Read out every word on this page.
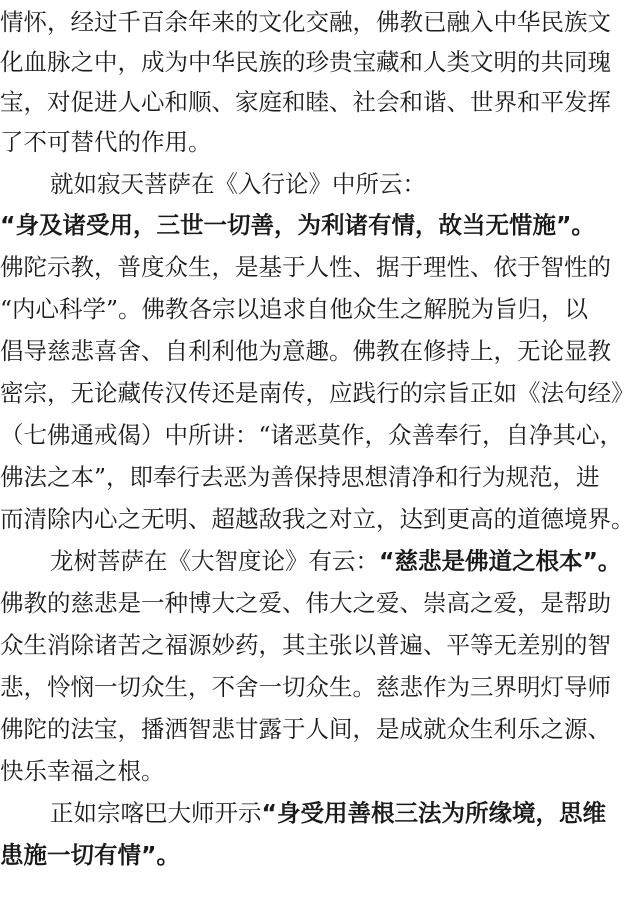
情怀，经过千百余年来的文化交融，佛教已融入中华民族文
化血脉之中，成为中华民族的珍贵宝藏和人类文明的共同瑰
宝，对促进人心和顺、家庭和睦、社会和谐、世界和平发挥
了不可替代的作用。
就如寂天菩萨在《入行论》中所云：
“身及诸受用，三世一切善，为利诸有情，故当无惜施”。
佛陀示教，普度众生，是基于人性、据于理性、依于智性的
“内心科学”。佛教各宗以追求自他众生之解脱为旨归，以
倡导慈悲喜舍、自利利他为意趣。佛教在修持上，无论显教
密宗，无论藏传汉传还是南传，应践行的宗旨正如《法句经》
（七佛通戒偈）中所讲：“诸恶莫作，众善奉行，自净其心，
佛法之本”，即奉行去恶为善保持思想清净和行为规范，进
而清除内心之无明、超越敌我之对立，达到更高的道德境界。
龙树菩萨在《大智度论》有云：“慈悲是佛道之根本”。
佛教的慈悲是一种博大之爱、伟大之爱、崇高之爱，是帮助
众生消除诸苦之福源妙药，其主张以普遍、平等无差别的智
悲，怜悯一切众生，不舍一切众生。慈悲作为三界明灯导师
佛陀的法宝，播洒智悲甘露于人间，是成就众生利乐之源、
快乐幸福之根。
正如宗喀巴大师开示“身受用善根三法为所缘境，思维
患施一切有情”。
